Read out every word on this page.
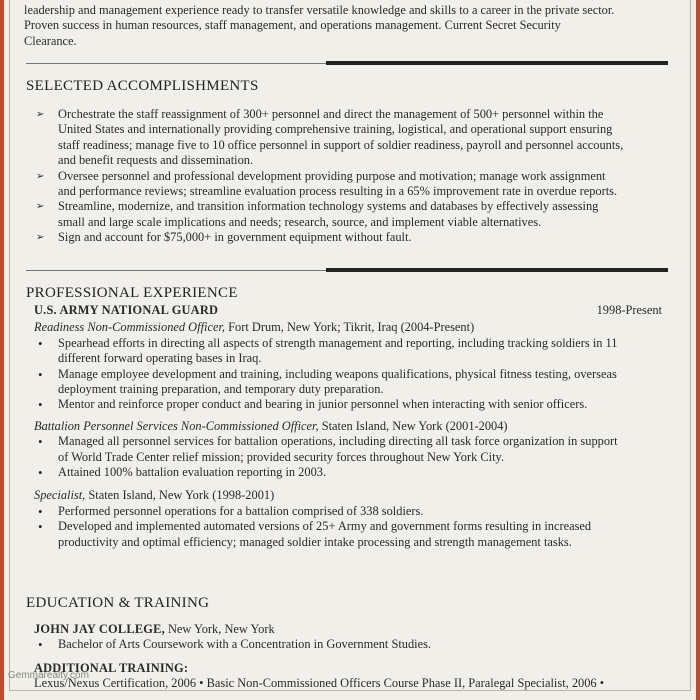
leadership and management experience ready to transfer versatile knowledge and skills to a career in the private sector.
Proven success in human resources, staff management, and operations management. Current Secret Security
Clearance.
SELECTED ACCOMPLISHMENTS
➢ Orchestrate the staff reassignment of 300+ personnel and direct the management of 500+ personnel within the
United States and internationally providing comprehensive training, logistical, and operational support ensuring
staff readiness; manage five to 10 office personnel in support of soldier readiness, payroll and personnel accounts,
and benefit requests and dissemination.
➢ Oversee personnel and professional development providing purpose and motivation; manage work assignment
and performance reviews; streamline evaluation process resulting in a 65% improvement rate in overdue reports.
➢ Streamline, modernize, and transition information technology systems and databases by effectively assessing
small and large scale implications and needs; research, source, and implement viable alternatives.
➢ Sign and account for $75,000+ in government equipment without fault.
PROFESSIONAL EXPERIENCE
U.S. ARMY NATIONAL GUARD	1998-Present
Readiness Non-Commissioned Officer, Fort Drum, New York; Tikrit, Iraq (2004-Present)
• Spearhead efforts in directing all aspects of strength management and reporting, including tracking soldiers in 11
different forward operating bases in Iraq.
• Manage employee development and training, including weapons qualifications, physical fitness testing, overseas
deployment training preparation, and temporary duty preparation.
• Mentor and reinforce proper conduct and bearing in junior personnel when interacting with senior officers.
Battalion Personnel Services Non-Commissioned Officer, Staten Island, New York (2001-2004)
• Managed all personnel services for battalion operations, including directing all task force organization in support
of World Trade Center relief mission; provided security forces throughout New York City.
• Attained 100% battalion evaluation reporting in 2003.
Specialist, Staten Island, New York (1998-2001)
• Performed personnel operations for a battalion comprised of 338 soldiers.
• Developed and implemented automated versions of 25+ Army and government forms resulting in increased
productivity and optimal efficiency; managed soldier intake processing and strength management tasks.
EDUCATION & TRAINING
JOHN JAY COLLEGE, New York, New York
• Bachelor of Arts Coursework with a Concentration in Government Studies.
ADDITIONAL TRAINING:
Lexus/Nexus Certification, 2006 • Basic Non-Commissioned Officers Course Phase II, Paralegal Specialist, 2006 •
Gemmarealty.com
